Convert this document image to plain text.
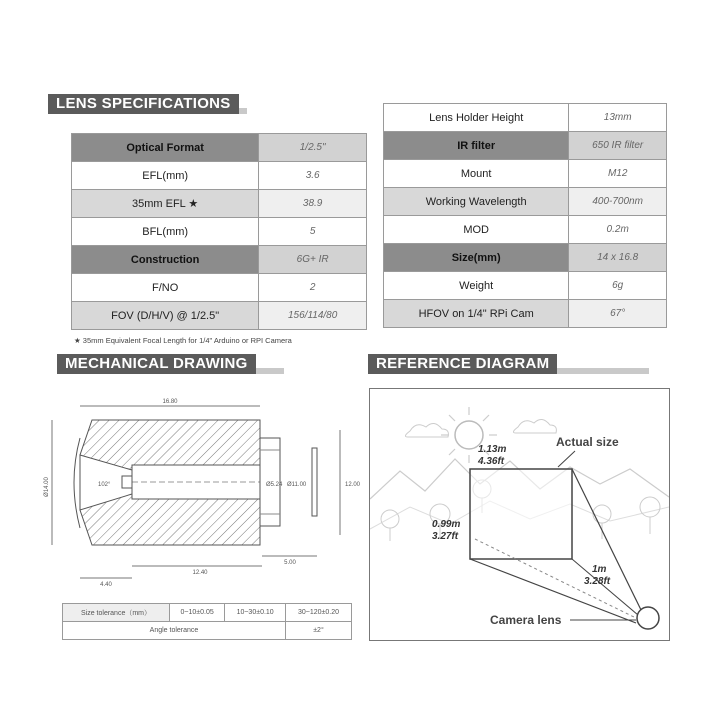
LENS SPECIFICATIONS
MECHANICAL DRAWING	REFERENCE DIAGRAM
Optical Format	1/2.5"
EFL(mm)	3.6
35mm EFL ★	38.9
BFL(mm)	5
Construction	6G+ IR
F/NO	2
FOV (D/H/V) @ 1/2.5"	156/114/80
Lens Holder Height	13mm
IR filter	650 IR filter
Mount	M12
Working Wavelength	400-700nm
MOD	0.2m
Size(mm)	14 x 16.8
Weight	6g
HFOV on 1/4" RPi Cam	67°
★ 35mm Equivalent Focal Length for 1/4" Arduino or RPI Camera
16.80
Ø14.00	102°	Ø5.24 Ø11.00	12.00
4.40
12.40
5.00
Size tolerance（mm）	0~10±0.05	10~30±0.10	30~120±0.20
Angle tolerance			±2°
Actual size
1.13m
4.36ft
0.99m
3.27ft
1m
3.28ft
Camera lens
